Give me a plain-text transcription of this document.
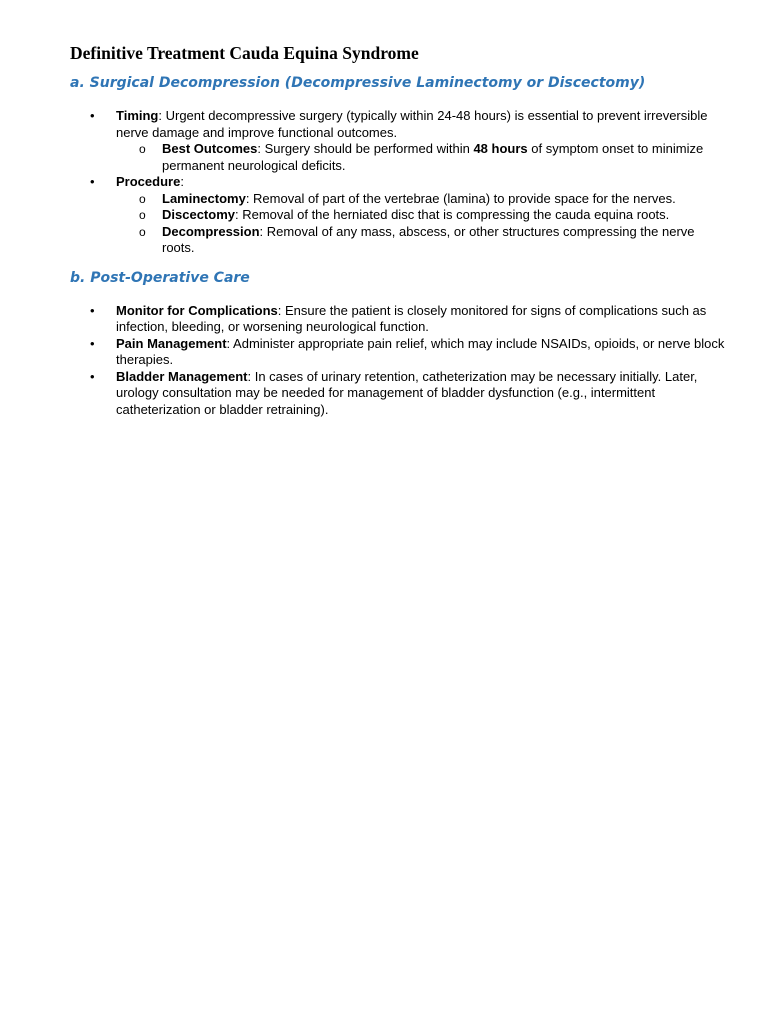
Definitive Treatment Cauda Equina Syndrome
a. Surgical Decompression (Decompressive Laminectomy or Discectomy)
• Timing: Urgent decompressive surgery (typically within 24-48 hours) is essential to prevent irreversible nerve damage and improve functional outcomes.
o Best Outcomes: Surgery should be performed within 48 hours of symptom onset to minimize permanent neurological deficits.
• Procedure:
o Laminectomy: Removal of part of the vertebrae (lamina) to provide space for the nerves.
o Discectomy: Removal of the herniated disc that is compressing the cauda equina roots.
o Decompression: Removal of any mass, abscess, or other structures compressing the nerve roots.
b. Post-Operative Care
• Monitor for Complications: Ensure the patient is closely monitored for signs of complications such as infection, bleeding, or worsening neurological function.
• Pain Management: Administer appropriate pain relief, which may include NSAIDs, opioids, or nerve block therapies.
• Bladder Management: In cases of urinary retention, catheterization may be necessary initially. Later, urology consultation may be needed for management of bladder dysfunction (e.g., intermittent catheterization or bladder retraining).
